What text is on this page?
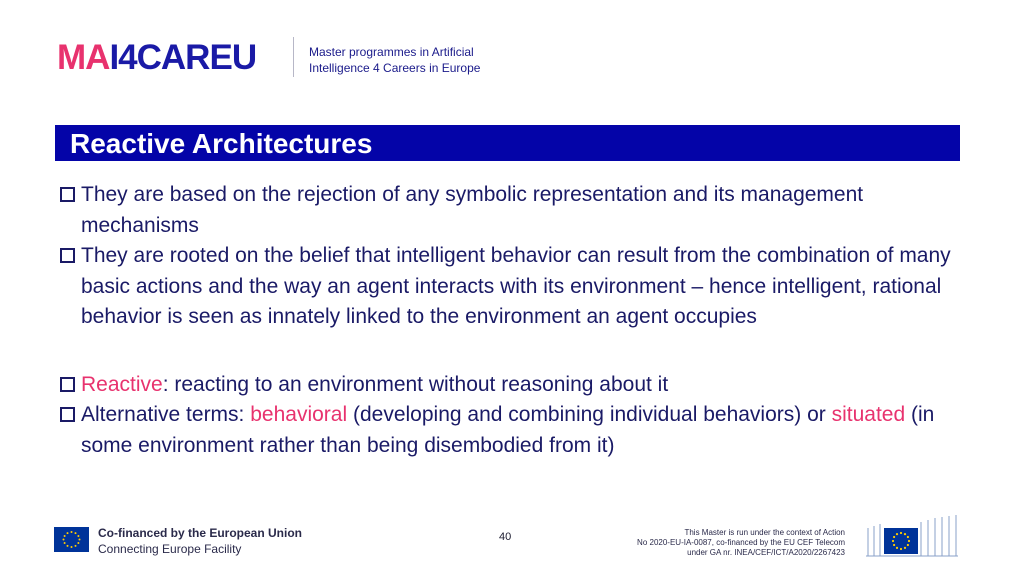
MAI4CAREU	Master programmes in Artificial
Intelligence 4 Careers in Europe
Reactive Architectures
They are based on the rejection of any symbolic representation and its management mechanisms
They are rooted on the belief that intelligent behavior can result from the combination of many basic actions and the way an agent interacts with its environment – hence intelligent, rational behavior is seen as innately linked to the environment an agent occupies
Reactive: reacting to an environment without reasoning about it
Alternative terms: behavioral (developing and combining individual behaviors) or situated (in some environment rather than being disembodied from it)
Co-financed by the European Union
Connecting Europe Facility
40	This Master is run under the context of Action
No 2020-EU-IA-0087, co-financed by the EU CEF Telecom
under GA nr. INEA/CEF/ICT/A2020/2267423
